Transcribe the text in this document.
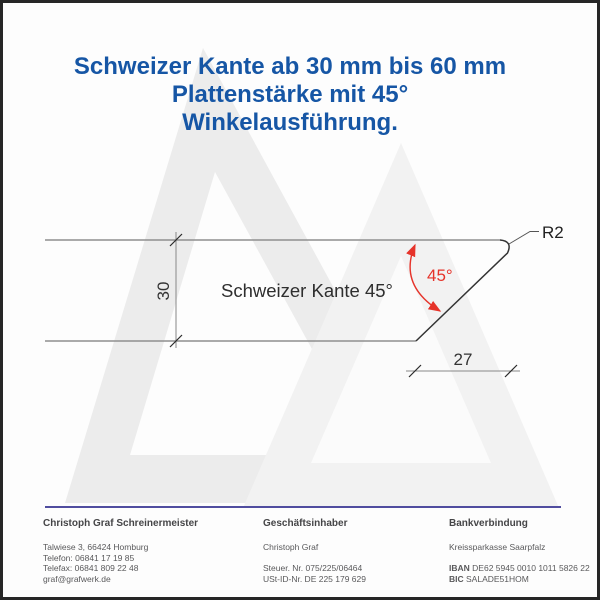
30
27
45°
R2
Schweizer Kante 45°
Schweizer Kante ab 30 mm bis 60 mm
Plattenstärke mit 45°
Winkelausführung.
Christoph Graf Schreinermeister
Talwiese 3, 66424 Homburg
Telefon: 06841 17 19 85
Telefax: 06841 809 22 48
graf@grafwerk.de
Geschäftsinhaber
Christoph Graf
Steuer. Nr. 075/225/06464
USt-ID-Nr. DE 225 179 629
Bankverbindung
Kreissparkasse Saarpfalz
IBAN DE62 5945 0010 1011 5826 22
BIC SALADE51HOM
